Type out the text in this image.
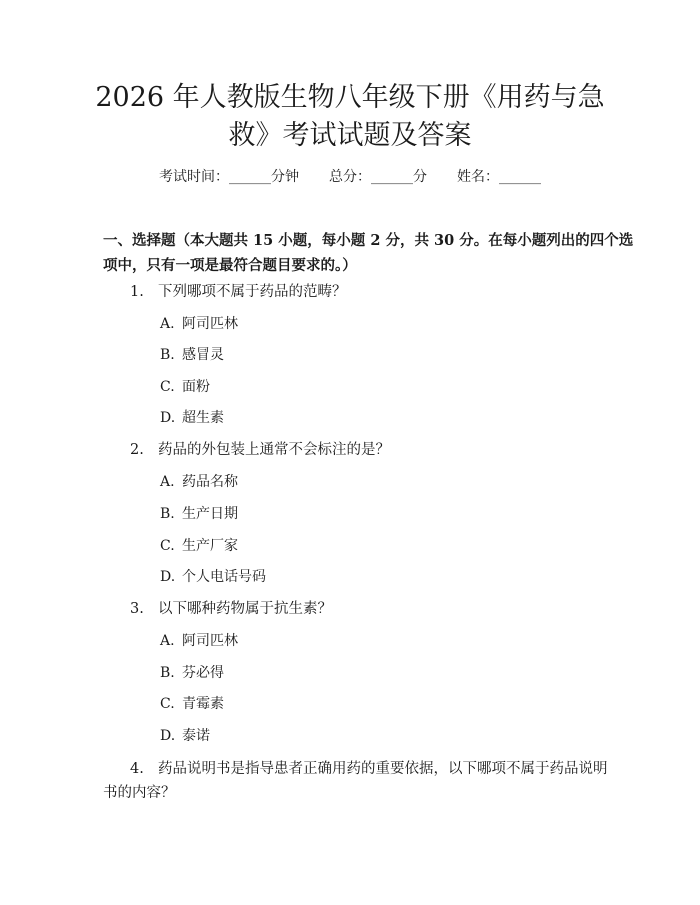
2026 年人教版生物八年级下册《用药与急
救》考试试题及答案
考试时间：______分钟 总分：______分 姓名：______
一、选择题（本大题共 15 小题，每小题 2 分，共 30 分。在每小题列出的四个选
项中，只有一项是最符合题目要求的。）
1. 下列哪项不属于药品的范畴？
A. 阿司匹林
B. 感冒灵
C. 面粉
D. 超生素
2. 药品的外包装上通常不会标注的是？
A. 药品名称
B. 生产日期
C. 生产厂家
D. 个人电话号码
3. 以下哪种药物属于抗生素？
A. 阿司匹林
B. 芬必得
C. 青霉素
D. 泰诺
4. 药品说明书是指导患者正确用药的重要依据，以下哪项不属于药品说明书的内容？
